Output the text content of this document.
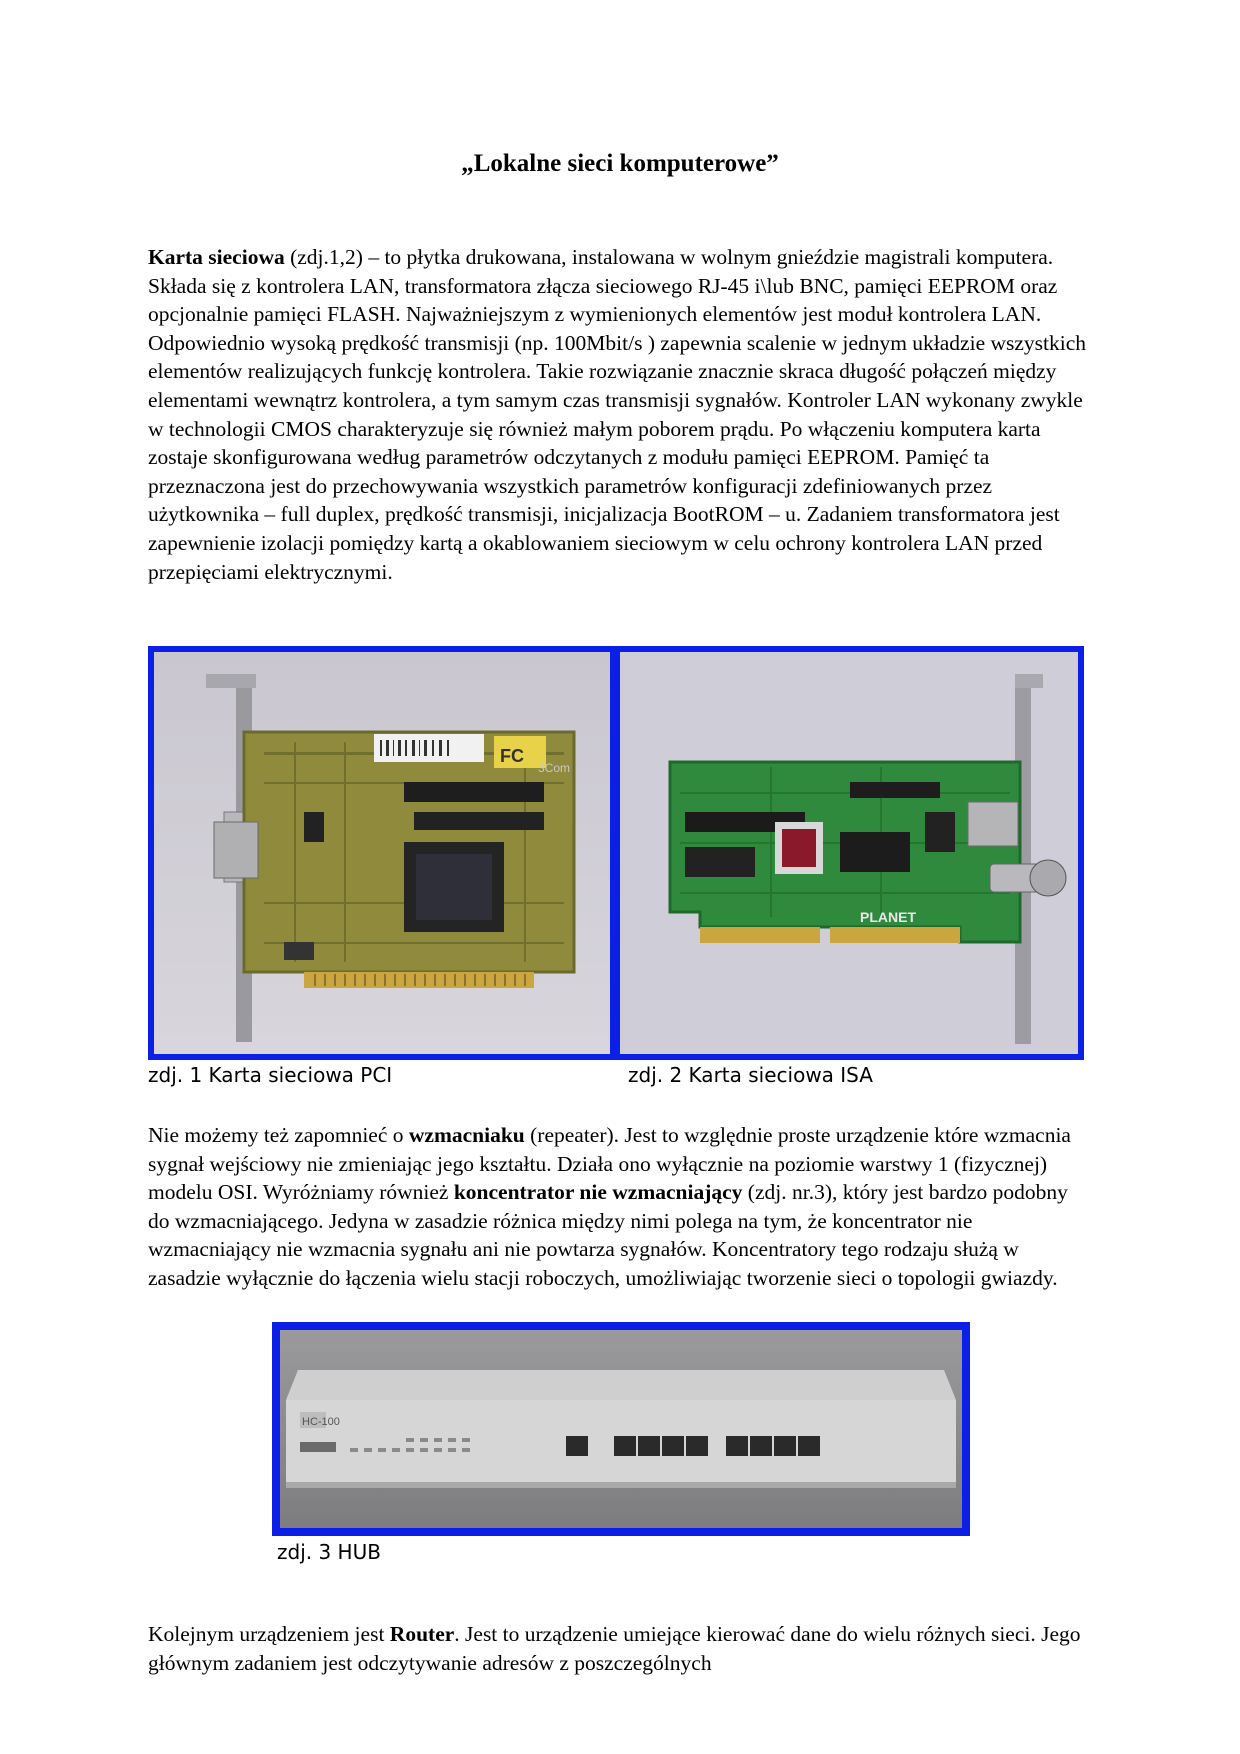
„Lokalne sieci komputerowe”

Karta sieciowa (zdj.1,2) – to płytka drukowana, instalowana w wolnym gnieździe magistrali komputera. Składa się z kontrolera LAN, transformatora złącza sieciowego RJ-45 i\lub BNC, pamięci EEPROM oraz opcjonalnie pamięci FLASH. Najważniejszym z wymienionych elementów jest moduł kontrolera LAN. Odpowiednio wysoką prędkość transmisji (np. 100Mbit/s ) zapewnia scalenie w jednym układzie wszystkich elementów realizujących funkcję kontrolera. Takie rozwiązanie znacznie skraca długość połączeń między elementami wewnątrz kontrolera, a tym samym czas transmisji sygnałów. Kontroler LAN wykonany zwykle w technologii CMOS charakteryzuje się również małym poborem prądu. Po włączeniu komputera karta zostaje skonfigurowana według parametrów odczytanych z modułu pamięci EEPROM. Pamięć ta przeznaczona jest do przechowywania wszystkich parametrów konfiguracji zdefiniowanych przez użytkownika – full duplex, prędkość transmisji, inicjalizacja BootROM – u. Zadaniem transformatora jest zapewnienie izolacji pomiędzy kartą a okablowaniem sieciowym w celu ochrony kontrolera LAN przed przepięciami elektrycznymi.

FC
3Com
PLANET
zdj. 1 Karta sieciowa PCI	zdj. 2 Karta sieciowa ISA

Nie możemy też zapomnieć o wzmacniaku (repeater). Jest to względnie proste urządzenie które wzmacnia sygnał wejściowy nie zmieniając jego kształtu. Działa ono wyłącznie na poziomie warstwy 1 (fizycznej) modelu OSI. Wyróżniamy również koncentrator nie wzmacniający (zdj. nr.3), który jest bardzo podobny do wzmacniającego. Jedyna w zasadzie różnica między nimi polega na tym, że koncentrator nie wzmacniający nie wzmacnia sygnału ani nie powtarza sygnałów. Koncentratory tego rodzaju służą w zasadzie wyłącznie do łączenia wielu stacji roboczych, umożliwiając tworzenie sieci o topologii gwiazdy.

HC-100
zdj. 3 HUB

Kolejnym urządzeniem jest Router. Jest to urządzenie umiejące kierować dane do wielu różnych sieci. Jego głównym zadaniem jest odczytywanie adresów z poszczególnych
